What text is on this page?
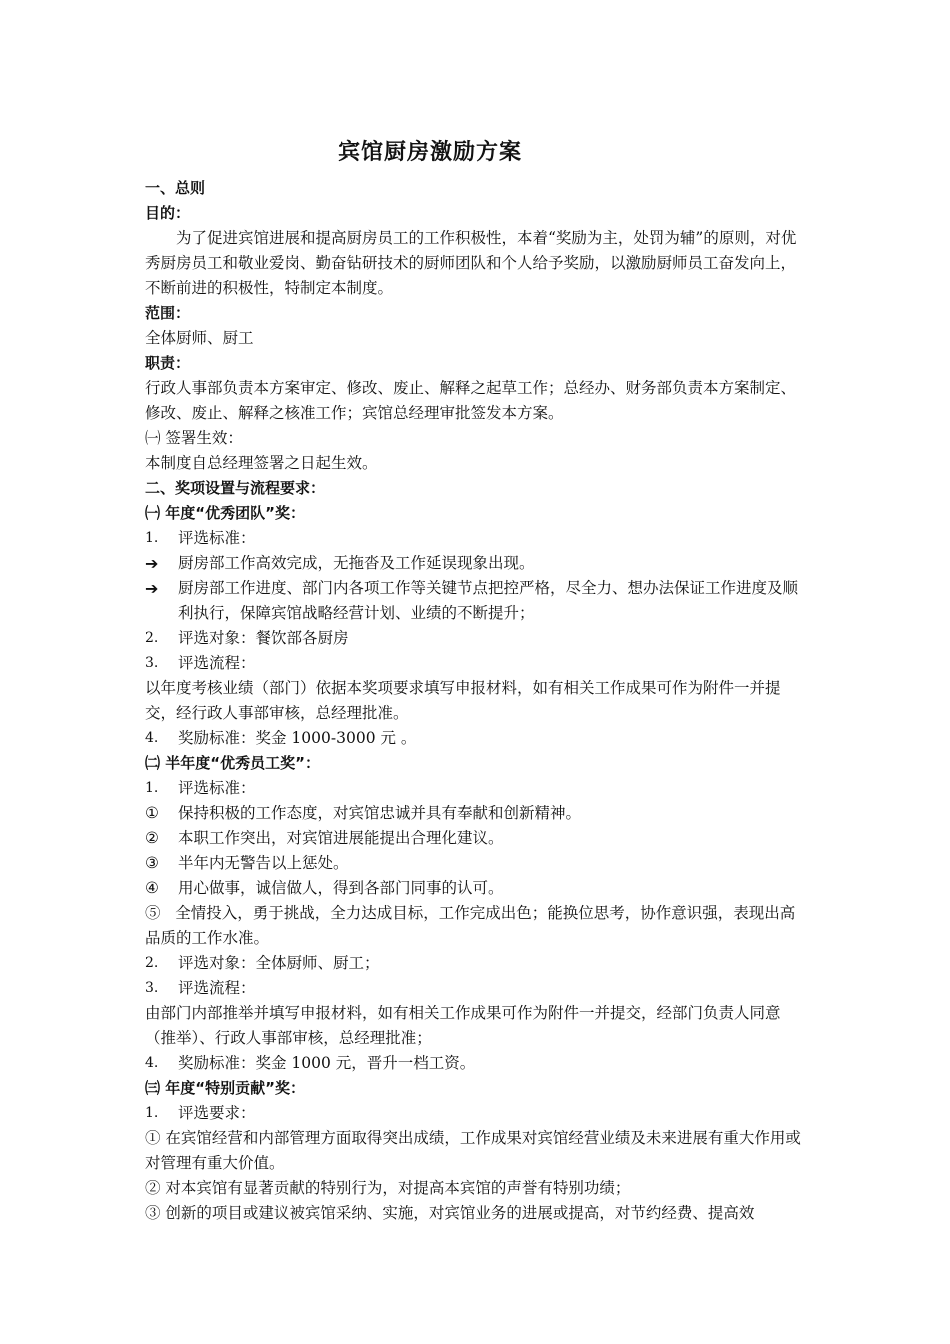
宾馆厨房激励方案

一、总则

目的：

为了促进宾馆进展和提高厨房员工的工作积极性，本着“奖励为主，处罚为辅”的原则，对优秀厨房员工和敬业爱岗、勤奋钻研技术的厨师团队和个人给予奖励，以激励厨师员工奋发向上，不断前进的积极性，特制定本制度。

范围：

全体厨师、厨工

职责：

行政人事部负责本方案审定、修改、废止、解释之起草工作；总经办、财务部负责本方案制定、修改、废止、解释之核准工作；宾馆总经理审批签发本方案。

㈠ 签署生效：

本制度自总经理签署之日起生效。

二、奖项设置与流程要求：

㈠ 年度“优秀团队”奖：

1.	评选标准：
➔	厨房部工作高效完成，无拖沓及工作延误现象出现。
➔	厨房部工作进度、部门内各项工作等关键节点把控严格，尽全力、想办法保证工作进度及顺利执行，保障宾馆战略经营计划、业绩的不断提升；
2.	评选对象：餐饮部各厨房
3.	评选流程：

以年度考核业绩（部门）依据本奖项要求填写申报材料，如有相关工作成果可作为附件一并提交，经行政人事部审核，总经理批准。

4.	奖励标准：奖金 1000-3000 元 。

㈡ 半年度“优秀员工奖”：

1.	评选标准：
①	保持积极的工作态度，对宾馆忠诚并具有奉献和创新精神。
②	本职工作突出，对宾馆进展能提出合理化建议。
③	半年内无警告以上惩处。
④	用心做事，诚信做人，得到各部门同事的认可。
⑤ 全情投入，勇于挑战，全力达成目标，工作完成出色；能换位思考，协作意识强，表现出高品质的工作水准。
2.	评选对象：全体厨师、厨工；
3.	评选流程：

由部门内部推举并填写申报材料，如有相关工作成果可作为附件一并提交，经部门负责人同意（推举）、行政人事部审核，总经理批准；

4.	奖励标准：奖金 1000 元，晋升一档工资。

㈢ 年度“特别贡献”奖：

1.	评选要求：

① 在宾馆经营和内部管理方面取得突出成绩，工作成果对宾馆经营业绩及未来进展有重大作用或对管理有重大价值。

② 对本宾馆有显著贡献的特别行为，对提高本宾馆的声誉有特别功绩；

③ 创新的项目或建议被宾馆采纳、实施，对宾馆业务的进展或提高，对节约经费、提高效
